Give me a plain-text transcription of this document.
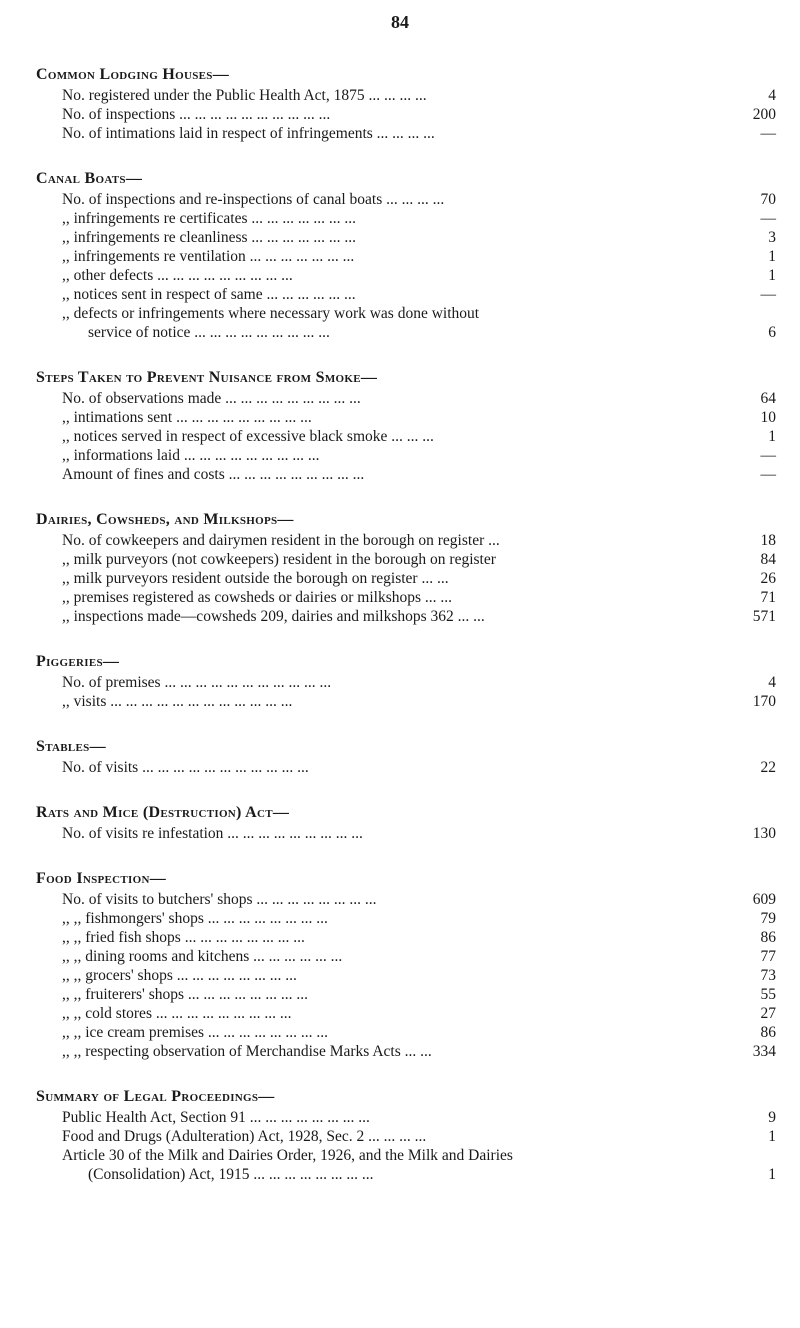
84
Common Lodging Houses—
No. registered under the Public Health Act, 1875 ... ... ... ...	4
No. of inspections ... ... ... ... ... ... ... ... ... ...	200
No. of intimations laid in respect of infringements ... ... ... ...	—
Canal Boats—
No. of inspections and re-inspections of canal boats ... ... ... ...	70
,, infringements re certificates ... ... ... ... ... ... ...	—
,, infringements re cleanliness ... ... ... ... ... ... ...	3
,, infringements re ventilation ... ... ... ... ... ... ...	1
,, other defects ... ... ... ... ... ... ... ... ...	1
,, notices sent in respect of same ... ... ... ... ... ...	—
,, defects or infringements where necessary work was done without
service of notice ... ... ... ... ... ... ... ... ...	6
Steps Taken to Prevent Nuisance from Smoke—
No. of observations made ... ... ... ... ... ... ... ... ...	64
,, intimations sent ... ... ... ... ... ... ... ... ...	10
,, notices served in respect of excessive black smoke ... ... ...	1
,, informations laid ... ... ... ... ... ... ... ... ...	—
Amount of fines and costs ... ... ... ... ... ... ... ... ...	—
Dairies, Cowsheds, and Milkshops—
No. of cowkeepers and dairymen resident in the borough on register ...	18
,, milk purveyors (not cowkeepers) resident in the borough on register	84
,, milk purveyors resident outside the borough on register ... ...	26
,, premises registered as cowsheds or dairies or milkshops ... ...	71
,, inspections made—cowsheds 209, dairies and milkshops 362 ... ...	571
Piggeries—
No. of premises ... ... ... ... ... ... ... ... ... ... ...	4
,, visits ... ... ... ... ... ... ... ... ... ... ... ...	170
Stables—
No. of visits ... ... ... ... ... ... ... ... ... ... ...	22
Rats and Mice (Destruction) Act—
No. of visits re infestation ... ... ... ... ... ... ... ... ...	130
Food Inspection—
No. of visits to butchers' shops ... ... ... ... ... ... ... ...	609
,, ,, fishmongers' shops ... ... ... ... ... ... ... ...	79
,, ,, fried fish shops ... ... ... ... ... ... ... ...	86
,, ,, dining rooms and kitchens ... ... ... ... ... ...	77
,, ,, grocers' shops ... ... ... ... ... ... ... ...	73
,, ,, fruiterers' shops ... ... ... ... ... ... ... ...	55
,, ,, cold stores ... ... ... ... ... ... ... ... ...	27
,, ,, ice cream premises ... ... ... ... ... ... ... ...	86
,, ,, respecting observation of Merchandise Marks Acts ... ...	334
Summary of Legal Proceedings—
Public Health Act, Section 91 ... ... ... ... ... ... ... ...	9
Food and Drugs (Adulteration) Act, 1928, Sec. 2 ... ... ... ...	1
Article 30 of the Milk and Dairies Order, 1926, and the Milk and Dairies
(Consolidation) Act, 1915 ... ... ... ... ... ... ... ...	1
